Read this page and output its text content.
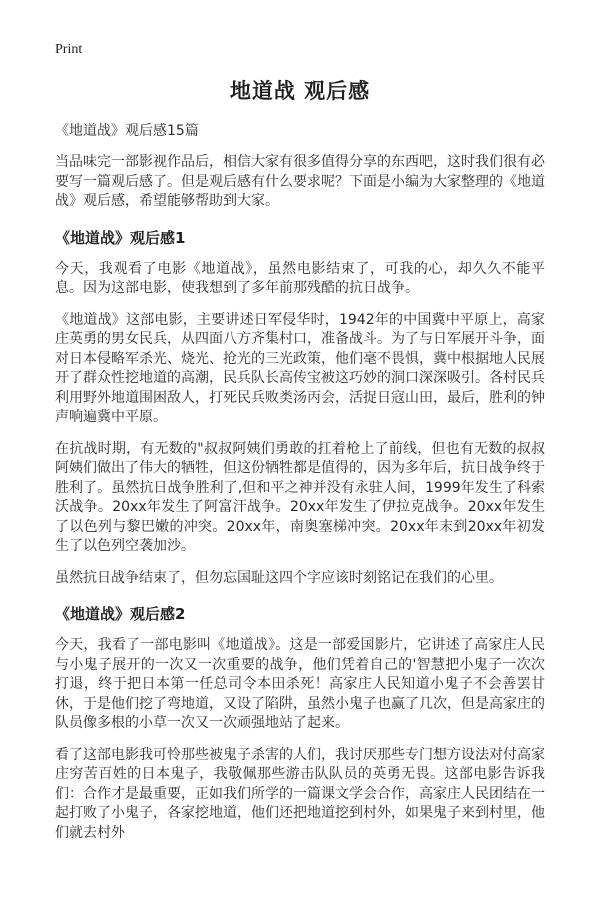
Print
地道战 观后感
《地道战》观后感15篇

当品味完一部影视作品后，相信大家有很多值得分享的东西吧，这时我们很有必要写一篇观后感了。但是观后感有什么要求呢？下面是小编为大家整理的《地道战》观后感，希望能够帮助到大家。

《地道战》观后感1

今天，我观看了电影《地道战》，虽然电影结束了，可我的心，却久久不能平息。因为这部电影，使我想到了多年前那残酷的抗日战争。

《地道战》这部电影，主要讲述日军侵华时，1942年的中国冀中平原上，高家庄英勇的男女民兵，从四面八方齐集村口，准备战斗。为了与日军展开斗争，面对日本侵略军杀光、烧光、抢光的三光政策，他们毫不畏惧，冀中根据地人民展开了群众性挖地道的高潮，民兵队长高传宝被这巧妙的洞口深深吸引。各村民兵利用野外地道围困敌人，打死民兵败类汤丙会，活捉日寇山田，最后，胜利的钟声响遍冀中平原。

在抗战时期，有无数的"叔叔阿姨们勇敢的扛着枪上了前线，但也有无数的叔叔阿姨们做出了伟大的牺牲，但这份牺牲都是值得的，因为多年后，抗日战争终于胜利了。虽然抗日战争胜利了,但和平之神并没有永驻人间，1999年发生了科索沃战争。20xx年发生了阿富汗战争。20xx年发生了伊拉克战争。20xx年发生了以色列与黎巴嫩的冲突。20xx年，南奥塞梯冲突。20xx年末到20xx年初发生了以色列空袭加沙。

虽然抗日战争结束了，但勿忘国耻这四个字应该时刻铭记在我们的心里。

《地道战》观后感2

今天，我看了一部电影叫《地道战》。这是一部爱国影片，它讲述了高家庄人民与小鬼子展开的一次又一次重要的战争，他们凭着自己的'智慧把小鬼子一次次打退，终于把日本第一任总司令本田杀死！高家庄人民知道小鬼子不会善罢甘休，于是他们挖了弯地道，又设了陷阱，虽然小鬼子也赢了几次，但是高家庄的队员像多根的小草一次又一次顽强地站了起来。

看了这部电影我可怜那些被鬼子杀害的人们，我讨厌那些专门想方设法对付高家庄穷苦百姓的日本鬼子，我敬佩那些游击队队员的英勇无畏。这部电影告诉我们：合作才是最重要，正如我们所学的一篇课文学会合作，高家庄人民团结在一起打败了小鬼子，各家挖地道，他们还把地道挖到村外，如果鬼子来到村里，他们就去村外
